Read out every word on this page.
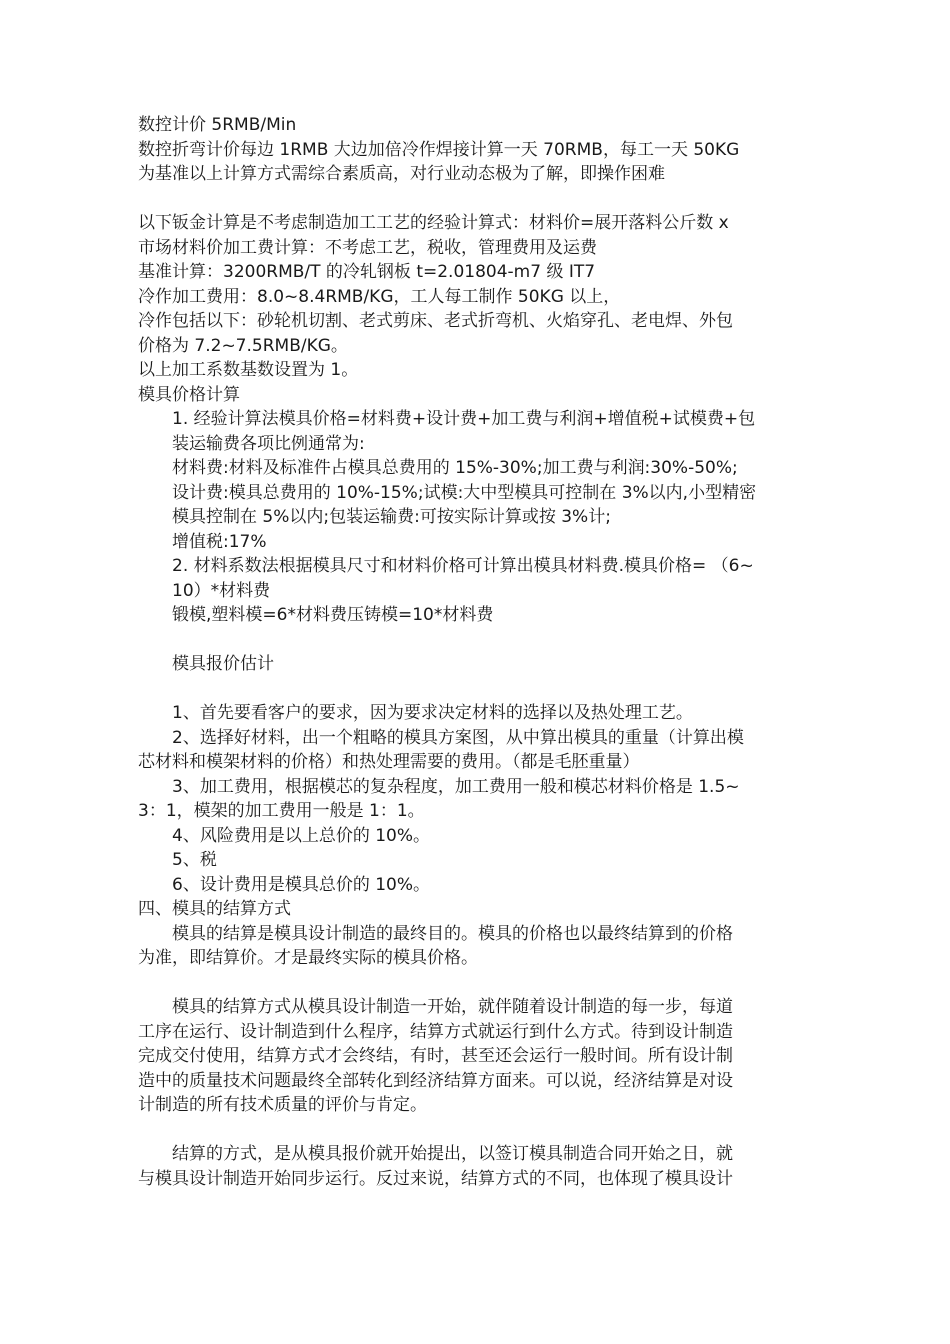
数控计价 5RMB/Min
数控折弯计价每边 1RMB 大边加倍冷作焊接计算一天 70RMB，每工一天 50KG
为基准以上计算方式需综合素质高，对行业动态极为了解，即操作困难
以下钣金计算是不考虑制造加工工艺的经验计算式：材料价=展开落料公斤数 x
市场材料价加工费计算：不考虑工艺，税收，管理费用及运费
基准计算：3200RMB/T 的冷轧钢板 t=2.01804-m7 级 IT7
冷作加工费用：8.0~8.4RMB/KG，工人每工制作 50KG 以上，
冷作包括以下：砂轮机切割、老式剪床、老式折弯机、火焰穿孔、老电焊、外包
价格为 7.2~7.5RMB/KG。
以上加工系数基数设置为 1。
模具价格计算
1. 经验计算法模具价格=材料费+设计费+加工费与利润+增值税+试模费+包
装运输费各项比例通常为:
材料费:材料及标准件占模具总费用的 15%-30%;加工费与利润:30%-50%;
设计费:模具总费用的 10%-15%;试模:大中型模具可控制在 3%以内,小型精密
模具控制在 5%以内;包装运输费:可按实际计算或按 3%计;
增值税:17%
2. 材料系数法根据模具尺寸和材料价格可计算出模具材料费.模具价格= （6~
10）*材料费
锻模,塑料模=6*材料费压铸模=10*材料费
模具报价估计
1、首先要看客户的要求，因为要求决定材料的选择以及热处理工艺。
2、选择好材料，出一个粗略的模具方案图，从中算出模具的重量（计算出模
芯材料和模架材料的价格）和热处理需要的费用。（都是毛胚重量）
3、加工费用，根据模芯的复杂程度，加工费用一般和模芯材料价格是 1.5~
3：1，模架的加工费用一般是 1：1。
4、风险费用是以上总价的 10%。
5、税
6、设计费用是模具总价的 10%。
四、模具的结算方式
模具的结算是模具设计制造的最终目的。模具的价格也以最终结算到的价格
为准，即结算价。才是最终实际的模具价格。
模具的结算方式从模具设计制造一开始，就伴随着设计制造的每一步，每道
工序在运行、设计制造到什么程序，结算方式就运行到什么方式。待到设计制造
完成交付使用，结算方式才会终结，有时，甚至还会运行一般时间。所有设计制
造中的质量技术问题最终全部转化到经济结算方面来。可以说，经济结算是对设
计制造的所有技术质量的评价与肯定。
结算的方式，是从模具报价就开始提出，以签订模具制造合同开始之日，就
与模具设计制造开始同步运行。反过来说，结算方式的不同，也体现了模具设计
